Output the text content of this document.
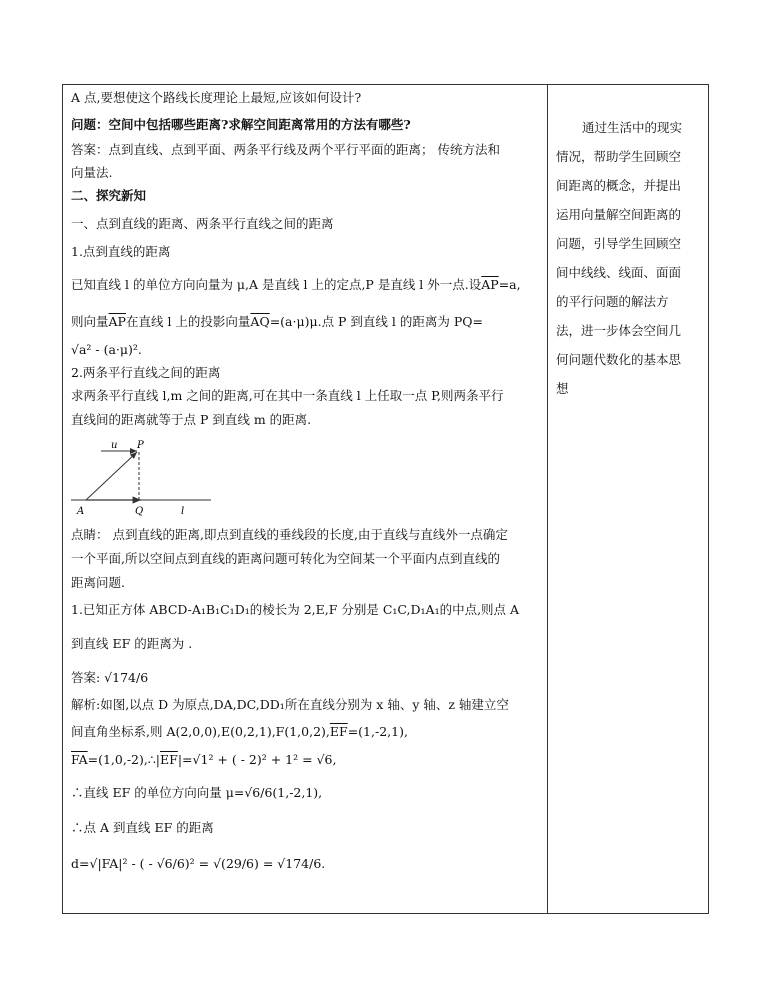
A 点,要想使这个路线长度理论上最短,应该如何设计?
问题：空间中包括哪些距离?求解空间距离常用的方法有哪些?
答案：点到直线、点到平面、两条平行线及两个平行平面的距离； 传统方法和
向量法.
二、探究新知
一、点到直线的距离、两条平行直线之间的距离
1.点到直线的距离
已知直线 l 的单位方向向量为 μ,A 是直线 l 上的定点,P 是直线 l 外一点.设$\overline{AP}=a$,
则向量$\overline{AP}$在直线 l 上的投影向量$\overline{AQ}=(a\cdot\mu)\mu$.点 P 到直线 l 的距离为 PQ=
√a² - (a·μ)².
2.两条平行直线之间的距离
求两条平行直线 l,m 之间的距离,可在其中一条直线 l 上任取一点 P,则两条平行
直线间的距离就等于点 P 到直线 m 的距离.
u P
A	Q	l
点睛： 点到直线的距离,即点到直线的垂线段的长度,由于直线与直线外一点确定
一个平面,所以空间点到直线的距离问题可转化为空间某一个平面内点到直线的
距离问题.
1.已知正方体 ABCD-A₁B₁C₁D₁的棱长为 2,E,F 分别是 C₁C,D₁A₁的中点,则点 A
到直线 EF 的距离为 .
答案: √174/6
解析:如图,以点 D 为原点,DA,DC,DD₁所在直线分别为 x 轴、y 轴、z 轴建立空
间直角坐标系,则 $A(2,0,0),E(0,2,1),F(1,0,2),\overline{EF}=(1,-2,1)$,
$\overline{FA}=(1,0,-2),\therefore|\overline{EF}|=√1^2$ + ( - 2)² + 1² = √6,
∴直线 EF 的单位方向向量 μ=√6/6(1,-2,1),
∴点 A 到直线 EF 的距离
d=√|FA|² - ( - √6/6)² = √(29/6) = √174/6.
通过生活中的现实
情况，帮助学生回顾空
间距离的概念，并提出
运用向量解空间距离的
问题，引导学生回顾空
间中线线、线面、面面
的平行问题的解法方
法，进一步体会空间几
何问题代数化的基本思
想
